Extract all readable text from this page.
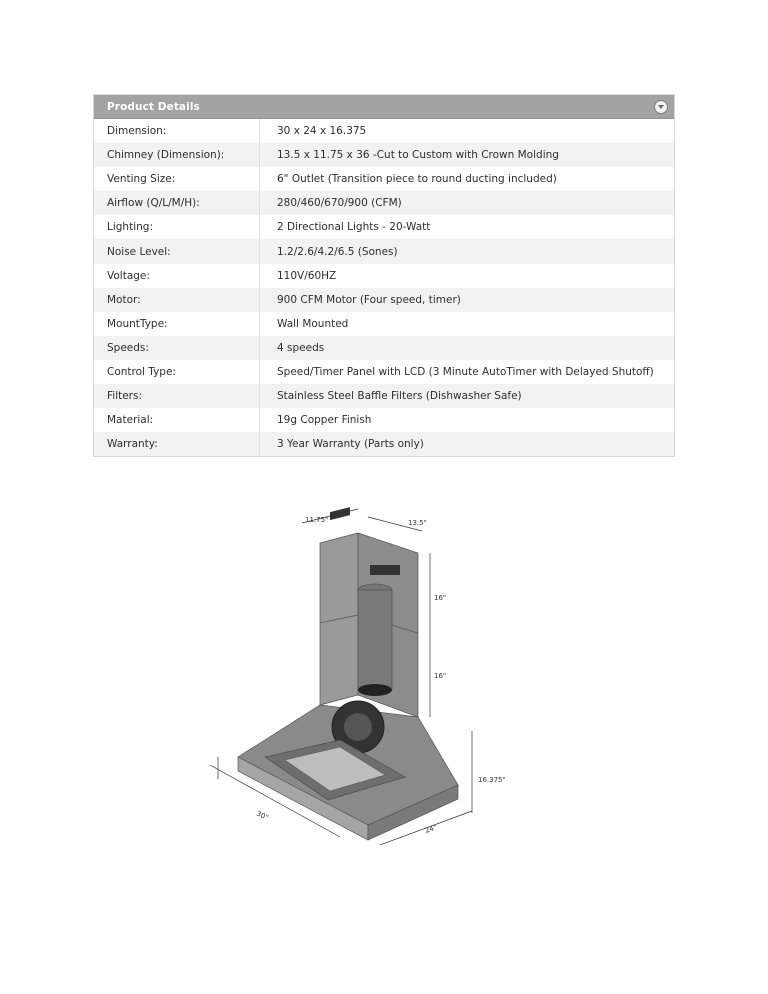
Product Details
Dimension:	30 x 24 x 16.375
Chimney (Dimension):	13.5 x 11.75 x 36 -Cut to Custom with Crown Molding
Venting Size:	6" Outlet (Transition piece to round ducting included)
Airflow (Q/L/M/H):	280/460/670/900 (CFM)
Lighting:	2 Directional Lights - 20-Watt
Noise Level:	1.2/2.6/4.2/6.5 (Sones)
Voltage:	110V/60HZ
Motor:	900 CFM Motor (Four speed, timer)
MountType:	Wall Mounted
Speeds:	4 speeds
Control Type:	Speed/Timer Panel with LCD (3 Minute AutoTimer with Delayed Shutoff)
Filters:	Stainless Steel Baffle Filters (Dishwasher Safe)
Material:	19g Copper Finish
Warranty:	3 Year Warranty (Parts only)
11.75"	13.5"
16"
16"
16.375"
30"
24"
